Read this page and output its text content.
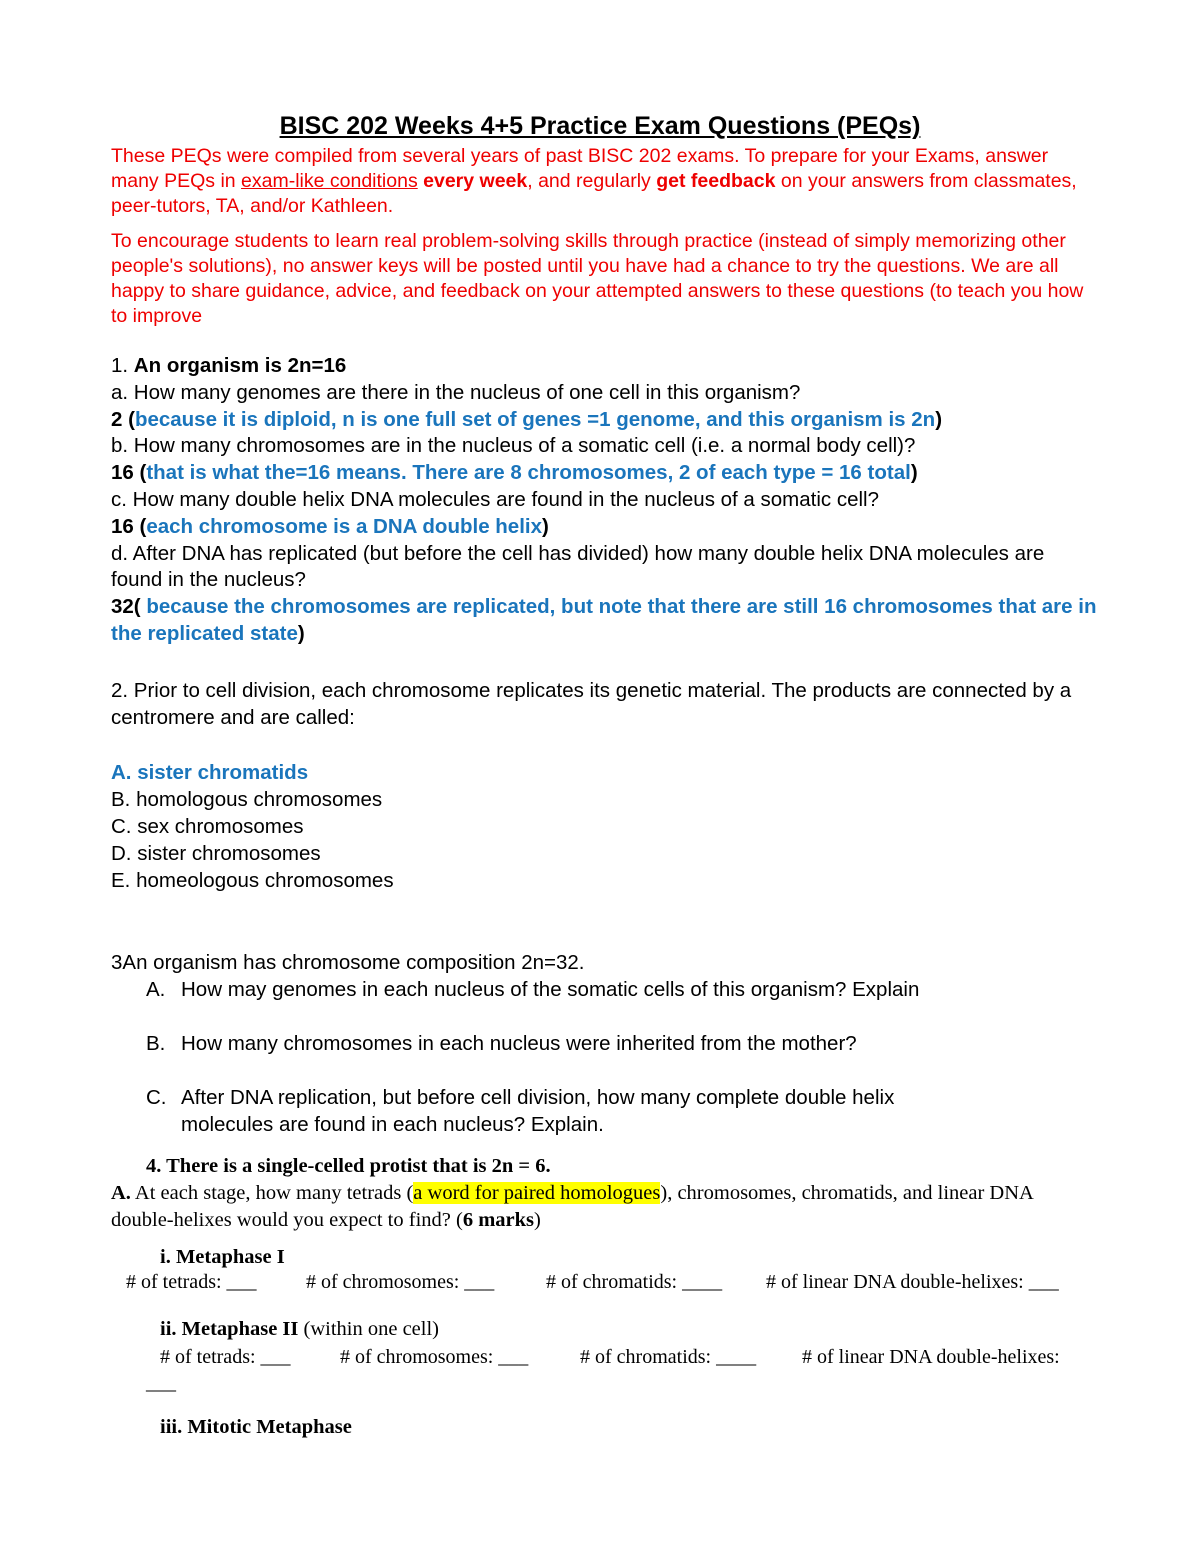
BISC 202 Weeks 4+5 Practice Exam Questions (PEQs)
These PEQs were compiled from several years of past BISC 202 exams. To prepare for your Exams, answer many PEQs in exam-like conditions every week, and regularly get feedback on your answers from classmates, peer-tutors, TA, and/or Kathleen.
To encourage students to learn real problem-solving skills through practice (instead of simply memorizing other people's solutions), no answer keys will be posted until you have had a chance to try the questions. We are all happy to share guidance, advice, and feedback on your attempted answers to these questions (to teach you how to improve

1. An organism is 2n=16

a. How many genomes are there in the nucleus of one cell in this organism?

2 (because it is diploid, n is one full set of genes =1 genome, and this organism is 2n)

b. How many chromosomes are in the nucleus of a somatic cell (i.e. a normal body cell)?

16 (that is what the=16 means. There are 8 chromosomes, 2 of each type = 16 total)

c. How many double helix DNA molecules are found in the nucleus of a somatic cell?

16 (each chromosome is a DNA double helix)

d. After DNA has replicated (but before the cell has divided) how many double helix DNA molecules are found in the nucleus?

32( because the chromosomes are replicated, but note that there are still 16 chromosomes that are in the replicated state)

2. Prior to cell division, each chromosome replicates its genetic material. The products are connected by a centromere and are called:
A. sister chromatids
B. homologous chromosomes
C. sex chromosomes
D. sister chromosomes
E. homeologous chromosomes
3An organism has chromosome composition 2n=32.
A. How may genomes in each nucleus of the somatic cells of this organism? Explain
B. How many chromosomes in each nucleus were inherited from the mother?
C. After DNA replication, but before cell division, how many complete double helix
molecules are found in each nucleus? Explain.
4. There is a single-celled protist that is 2n = 6.
A. At each stage, how many tetrads (a word for paired homologues), chromosomes, chromatids, and linear DNA double-helixes would you expect to find? (6 marks)
i. Metaphase I
# of tetrads: ___ # of chromosomes: ___	# of chromatids: ____ # of linear DNA double-helixes: ___
ii. Metaphase II (within one cell)
# of tetrads: ___ # of chromosomes: ___	# of chromatids: ____ # of linear DNA double-helixes:
___
iii. Mitotic Metaphase
